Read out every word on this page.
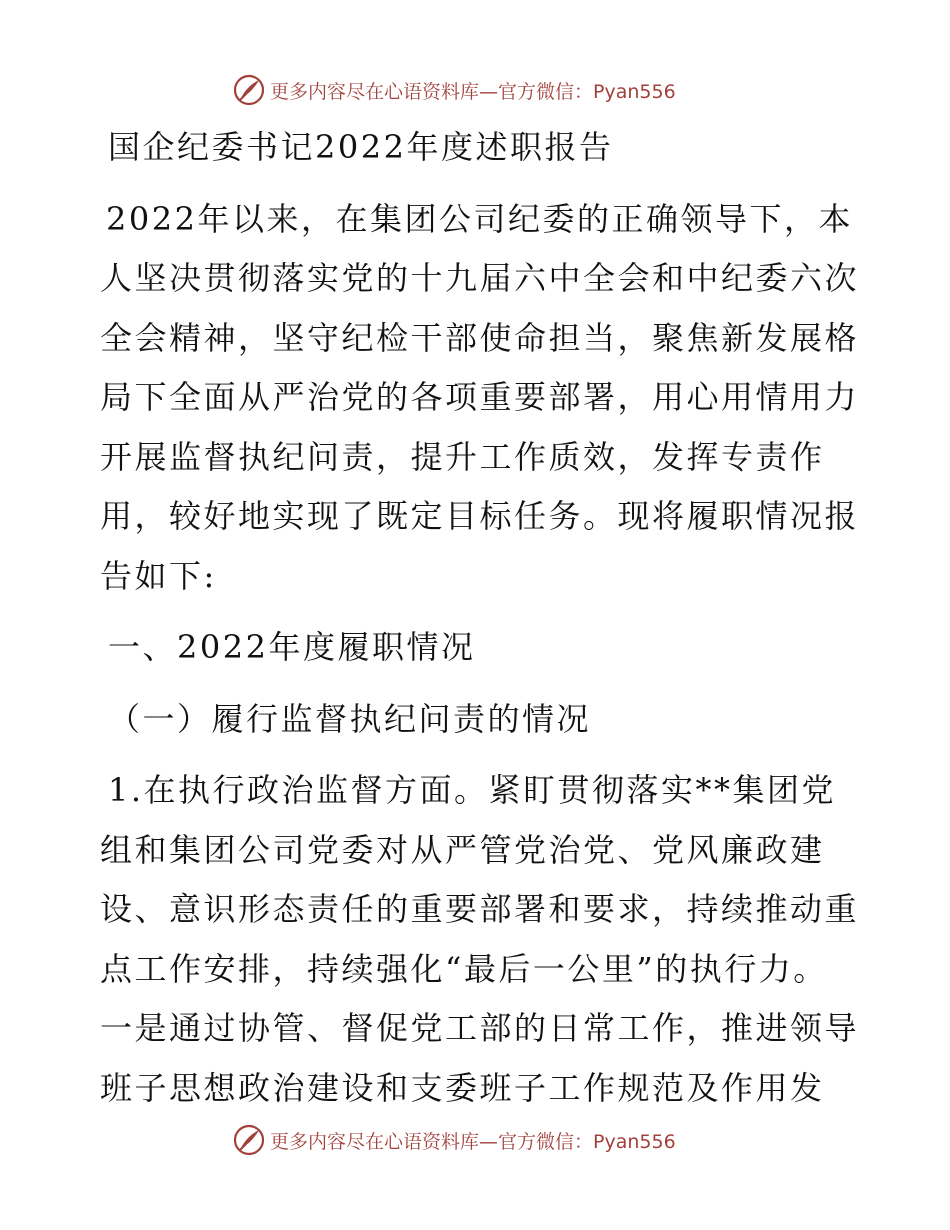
更多内容尽在心语资料库—官方微信：Pyan556

国企纪委书记2022年度述职报告

2022年以来，在集团公司纪委的正确领导下，本

人坚决贯彻落实党的十九届六中全会和中纪委六次

全会精神，坚守纪检干部使命担当，聚焦新发展格

局下全面从严治党的各项重要部署，用心用情用力

开展监督执纪问责，提升工作质效，发挥专责作

用，较好地实现了既定目标任务。现将履职情况报

告如下:

一、2022年度履职情况

（一）履行监督执纪问责的情况

1.在执行政治监督方面。紧盯贯彻落实**集团党

组和集团公司党委对从严管党治党、党风廉政建

设、意识形态责任的重要部署和要求，持续推动重

点工作安排，持续强化“最后一公里”的执行力。

一是通过协管、督促党工部的日常工作，推进领导

班子思想政治建设和支委班子工作规范及作用发

更多内容尽在心语资料库—官方微信：Pyan556
